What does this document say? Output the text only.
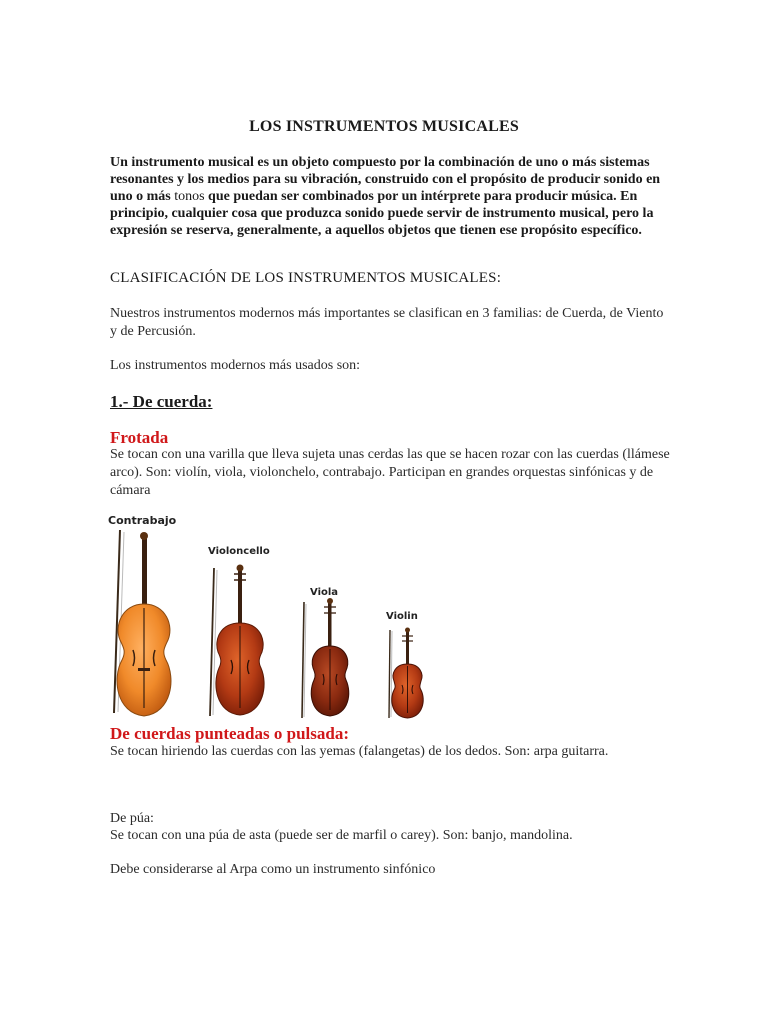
LOS INSTRUMENTOS MUSICALES
Un instrumento musical es un objeto compuesto por la combinación de uno o más sistemas resonantes y los medios para su vibración, construido con el propósito de producir sonido en uno o más tonos que puedan ser combinados por un intérprete para producir música. En principio, cualquier cosa que produzca sonido puede servir de instrumento musical, pero la expresión se reserva, generalmente, a aquellos objetos que tienen ese propósito específico.
CLASIFICACIÓN DE LOS INSTRUMENTOS MUSICALES:
Nuestros instrumentos modernos más importantes se clasifican en 3 familias: de Cuerda, de Viento y de Percusión.
Los instrumentos modernos más usados son:
1.- De cuerda:
Frotada
Se tocan con una varilla que lleva sujeta unas cerdas las que se hacen rozar con las cuerdas (llámese arco). Son: violín, viola, violonchelo, contrabajo. Participan en grandes orquestas sinfónicas y de cámara
Contrabajo
Violoncello
Viola
Violin
De cuerdas punteadas o pulsada:
Se tocan hiriendo las cuerdas con las yemas (falangetas) de los dedos. Son: arpa guitarra.
De púa:
Se tocan con una púa de asta (puede ser de marfil o carey). Son: banjo, mandolina.
Debe considerarse al Arpa como un instrumento sinfónico
